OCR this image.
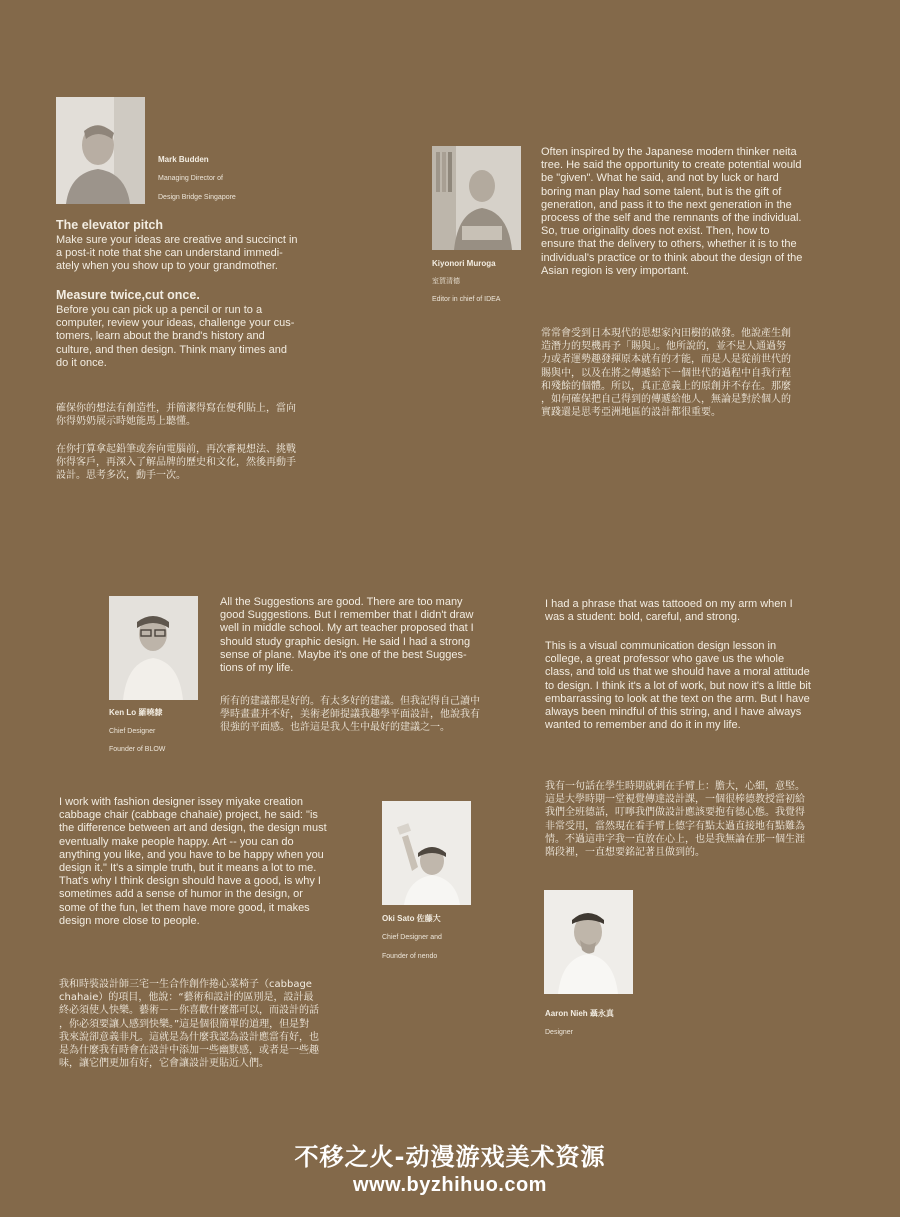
Mark Budden
Managing Director of
Design Bridge Singapore
The elevator pitch
Make sure your ideas are creative and succinct in
a post-it note that she can understand immedi-
ately when you show up to your grandmother.
Measure twice,cut once.
Before you can pick up a pencil or run to a
computer, review your ideas, challenge your cus-
tomers, learn about the brand's history and
culture, and then design. Think many times and
do it once.
確保你的想法有創造性，并簡潔得寫在便利貼上，當向
你得奶奶展示時她能馬上聽懂。
在你打算拿起鉛筆或奔向電腦前，再次審視想法、挑戰
你得客戶，再深入了解品牌的歷史和文化，然後再動手
設計。思考多次，動手一次。
Kiyonori Muroga
室賀清德
Editor in chief of IDEA
Often inspired by the Japanese modern thinker neita
tree. He said the opportunity to create potential would
be "given". What he said, and not by luck or hard
boring man play had some talent, but is the gift of
generation, and pass it to the next generation in the
process of the self and the remnants of the individual.
So, true originality does not exist. Then, how to
ensure that the delivery to others, whether it is to the
individual's practice or to think about the design of the
Asian region is very important.
常常會受到日本現代的思想家內田樹的啟發。他說產生創
造潛力的契機再予「賜與」。他所說的，並不是人通過努
力或者運勢趣發揮原本就有的才能，而是人是從前世代的
賜與中，以及在將之傳遞給下一個世代的過程中自我行程
和殘餘的個體。所以，真正意義上的原創并不存在。那麼
，如何確保把自己得到的傳遞給他人，無論是對於個人的
實踐還是思考亞洲地區的設計都很重要。
Ken Lo 羅曉隸
Chief Designer
Founder of BLOW
All the Suggestions are good. There are too many
good Suggestions. But I remember that I didn't draw
well in middle school. My art teacher proposed that I
should study graphic design. He said I had a strong
sense of plane. Maybe it's one of the best Sugges-
tions of my life.
所有的建議都是好的。有太多好的建議。但我記得自己讀中
學時畫畫并不好，美術老師提議我趣學平面設計，他說我有
很強的平面感。也許這是我人生中最好的建議之一。
I had a phrase that was tattooed on my arm when I
was a student: bold, careful, and strong.
This is a visual communication design lesson in
college, a great professor who gave us the whole
class, and told us that we should have a moral attitude
to design. I think it's a lot of work, but now it's a little bit
embarrassing to look at the text on the arm. But I have
always been mindful of this string, and I have always
wanted to remember and do it in my life.
我有一句話在學生時期就刺在手臂上：膽大，心細，意堅。
這是大學時期一堂視覺傳達設計課，一個很棒德教授當初給
我們全班德話，叮嚀我們做設計應該要抱有德心態。我覺得
非常受用，當然現在看手臂上德字有點太過直接地有點難為
情。不過這串字我一直放在心上，也是我無論在那一個生涯
階段裡，一直想要銘記著且做到的。
I work with fashion designer issey miyake creation
cabbage chair (cabbage chahaie) project, he said: "is
the difference between art and design, the design must
eventually make people happy. Art -- you can do
anything you like, and you have to be happy when you
design it." It's a simple truth, but it means a lot to me.
That's why I think design should have a good, is why I
sometimes add a sense of humor in the design, or
some of the fun, let them have more good, it makes
design more close to people.	Oki Sato 佐藤大
Chief Designer and
Founder of nendo
我和時裝設計師三宅一生合作創作捲心菜椅子（cabbage
chahaie）的項目，他說：“藝術和設計的區別是，設計最
終必須使人快樂。藝術－－你喜歡什麼都可以，而設計的話
，你必須要讓人感到快樂。”這是個很簡單的道理，但是對
我來說卻意義非凡。這就是為什麼我認為設計應當有好，也
是為什麼我有時會在設計中添加一些幽默感，或者是一些趣
味，讓它們更加有好，它會讓設計更貼近人們。
Aaron Nieh 聶永真
Designer
不移之火-动漫游戏美术资源
www.byzhihuo.com
